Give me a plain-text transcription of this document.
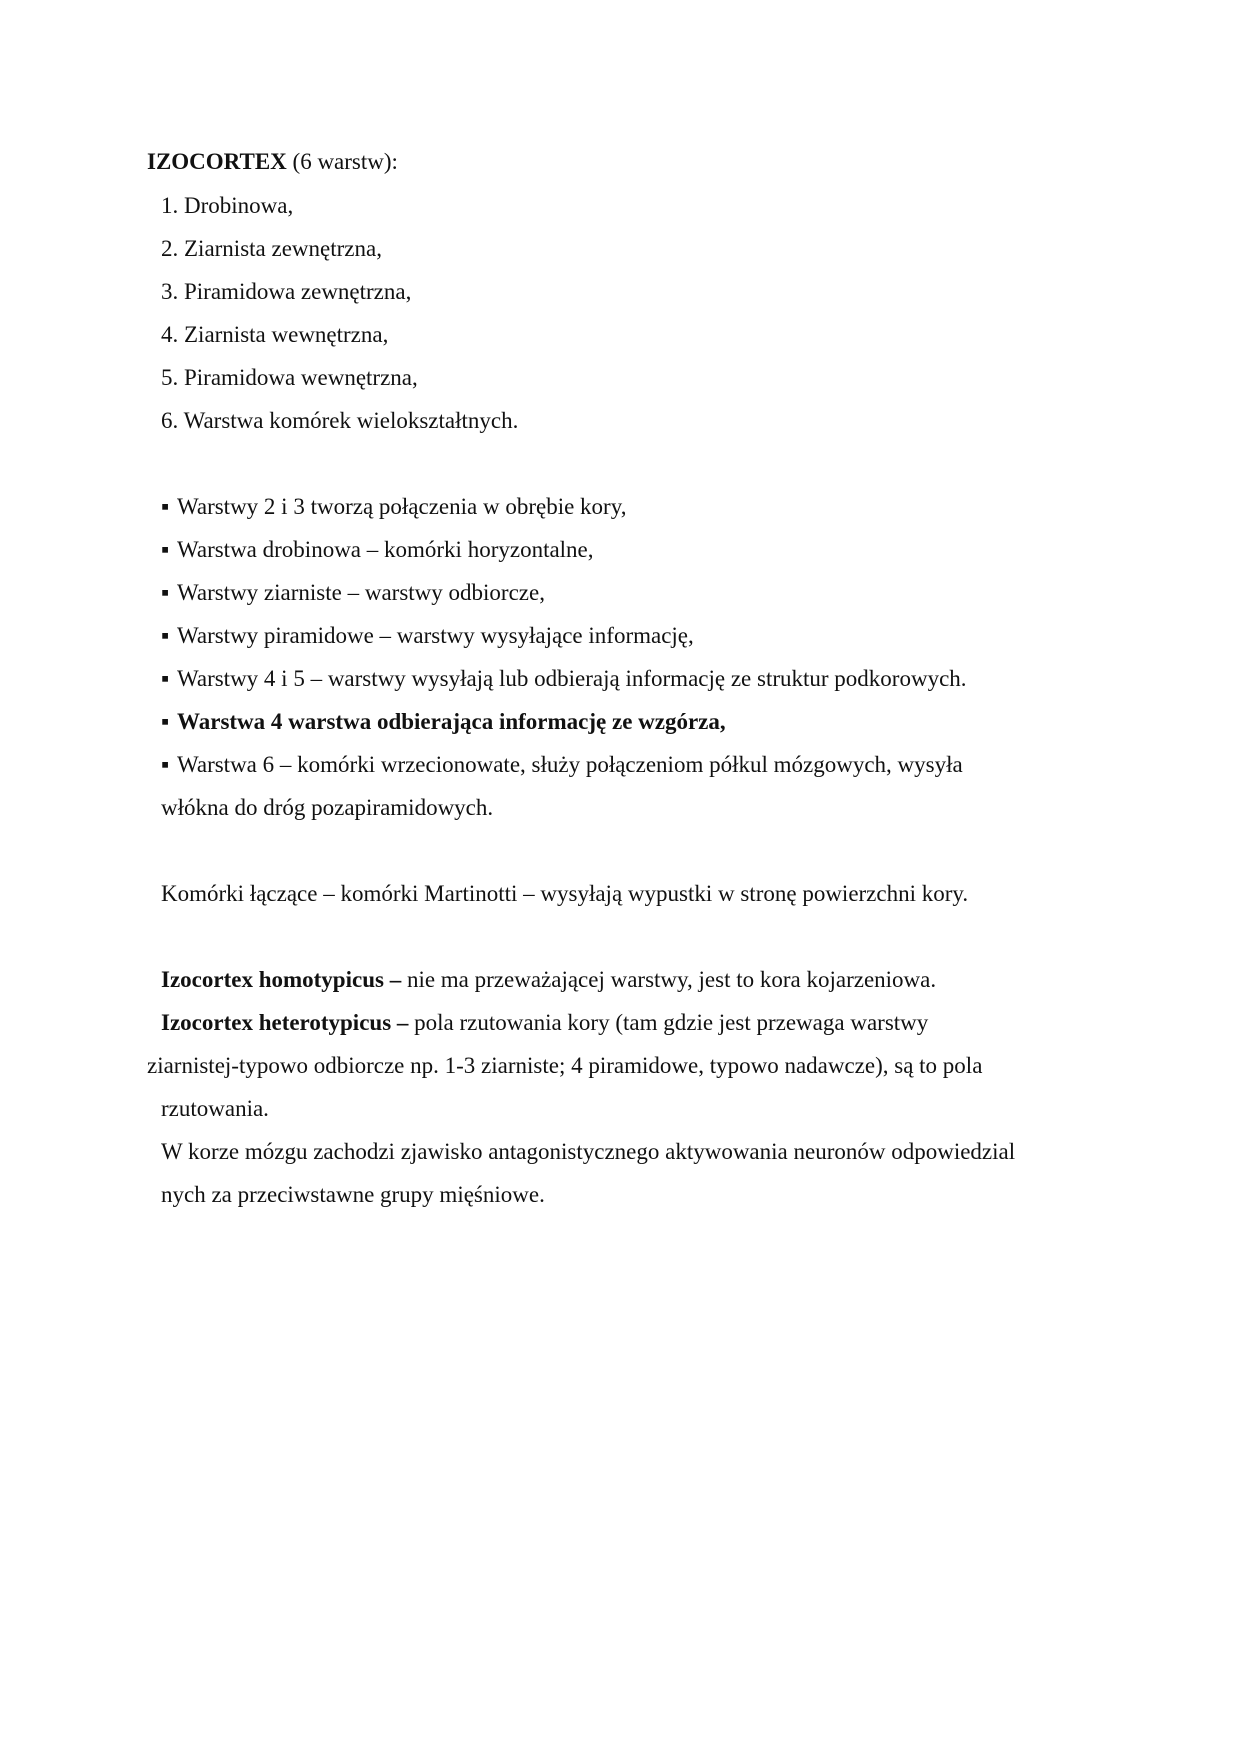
IZOCORTEX (6 warstw):
1. Drobinowa,
2. Ziarnista zewnętrzna,
3. Piramidowa zewnętrzna,
4. Ziarnista wewnętrzna,
5. Piramidowa wewnętrzna,
6. Warstwa komórek wielokształtnych.
▪ Warstwy 2 i 3 tworzą połączenia w obrębie kory,
▪ Warstwa drobinowa – komórki horyzontalne,
▪ Warstwy ziarniste – warstwy odbiorcze,
▪ Warstwy piramidowe – warstwy wysyłające informację,
▪ Warstwy 4 i 5 – warstwy wysyłają lub odbierają informację ze struktur podkorowych.
▪ Warstwa 4 warstwa odbierająca informację ze wzgórza,
▪ Warstwa 6 – komórki wrzecionowate, służy połączeniom półkul mózgowych, wysyła
włókna do dróg pozapiramidowych.
Komórki łączące – komórki Martinotti – wysyłają wypustki w stronę powierzchni kory.
Izocortex homotypicus – nie ma przeważającej warstwy, jest to kora kojarzeniowa.
Izocortex heterotypicus – pola rzutowania kory (tam gdzie jest przewaga warstwy
ziarnistej-typowo odbiorcze np. 1-3 ziarniste; 4 piramidowe, typowo nadawcze), są to pola
rzutowania.
W korze mózgu zachodzi zjawisko antagonistycznego aktywowania neuronów odpowiedzial
nych za przeciwstawne grupy mięśniowe.
